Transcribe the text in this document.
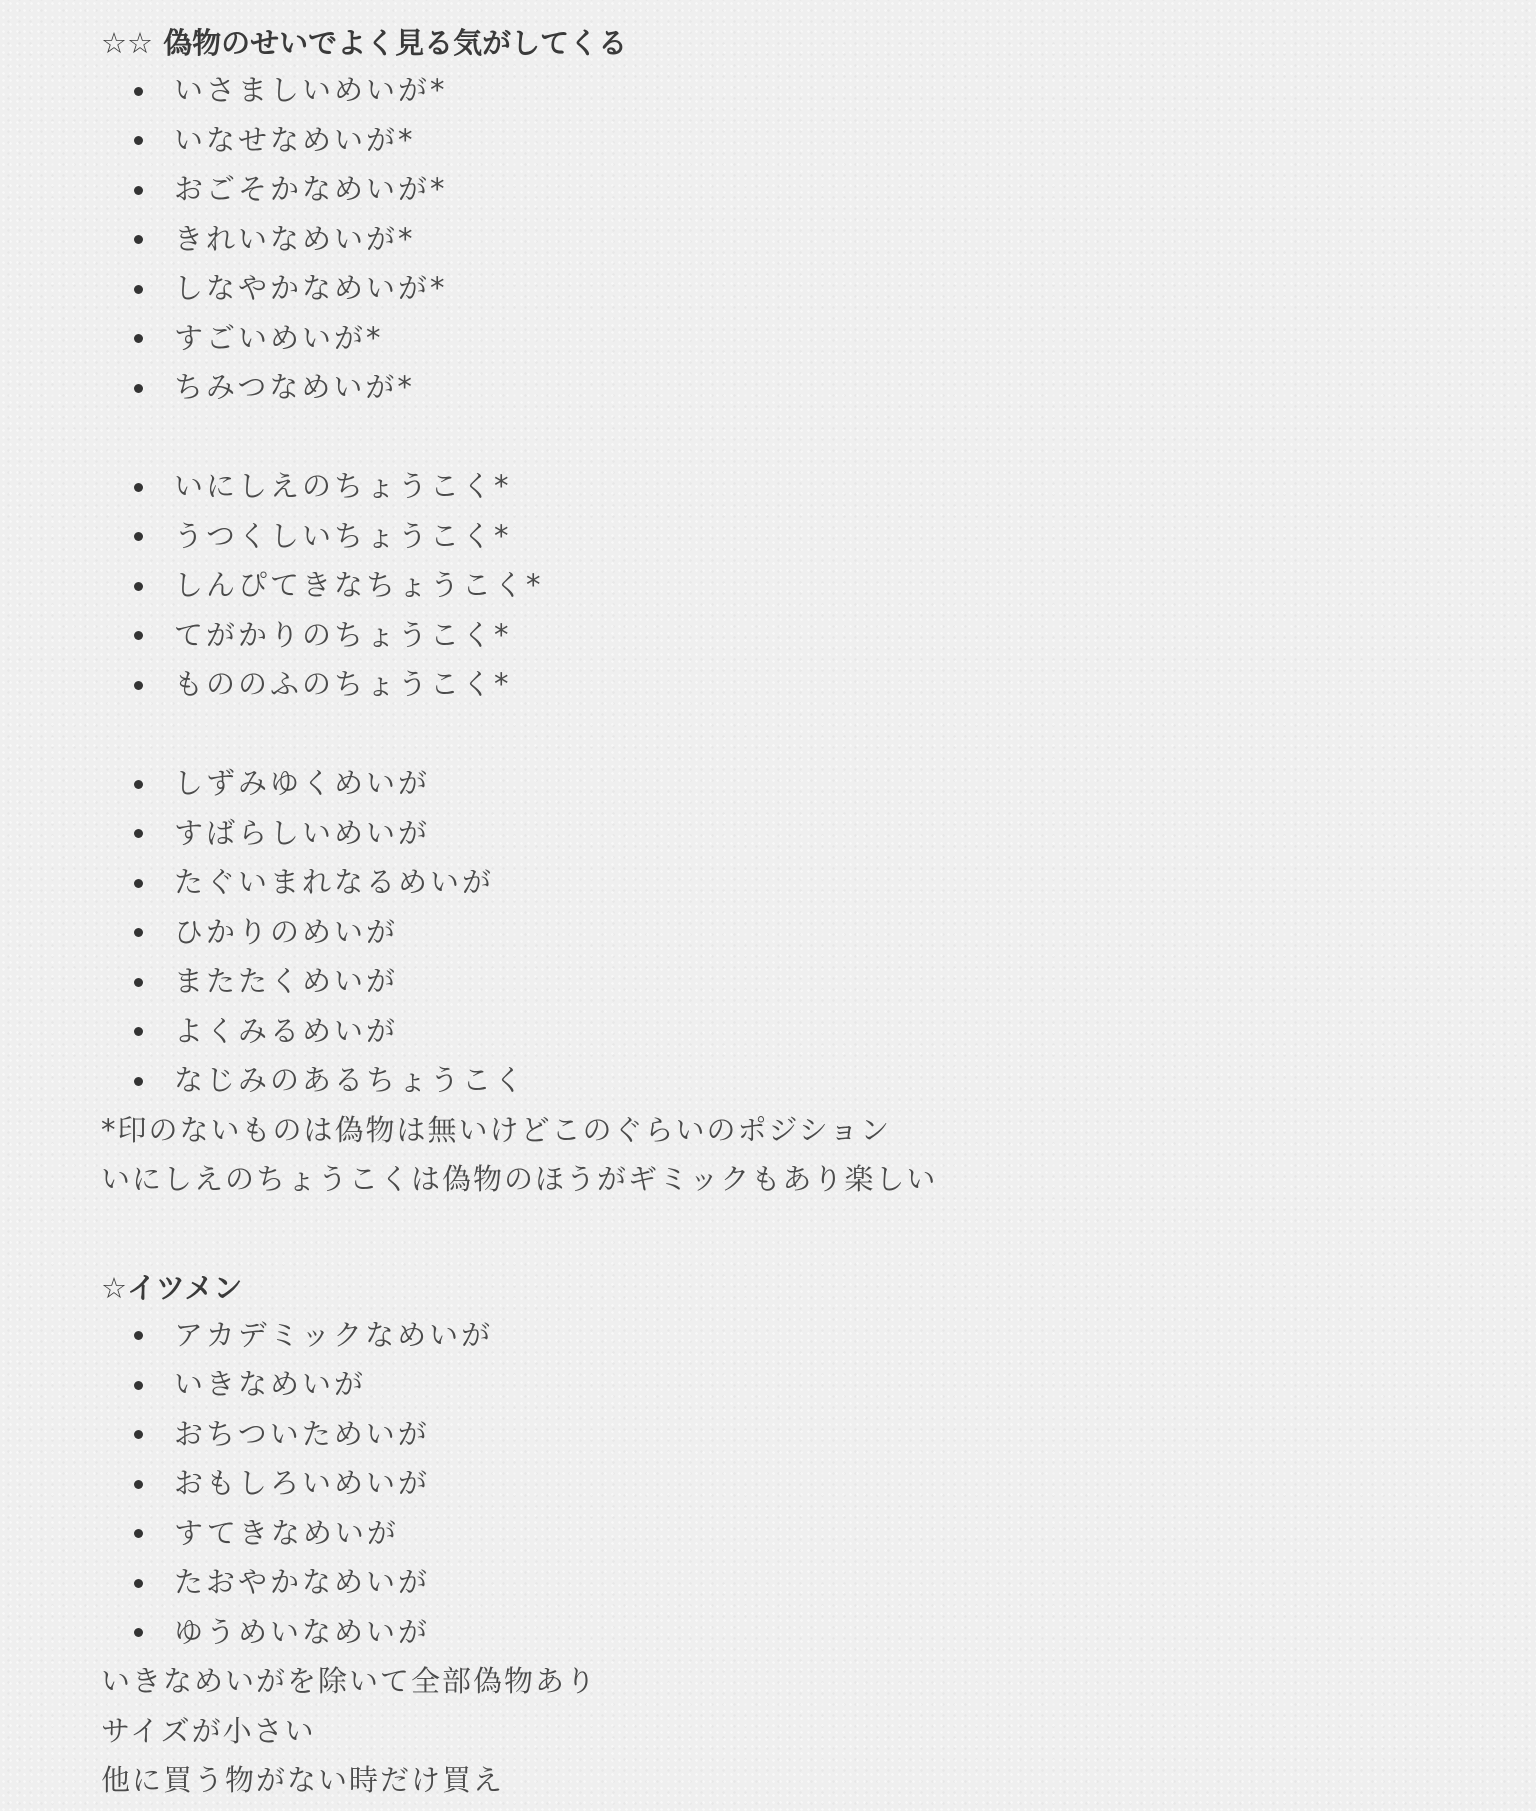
☆☆ 偽物のせいでよく見る気がしてくる
いさましいめいが*
いなせなめいが*
おごそかなめいが*
きれいなめいが*
しなやかなめいが*
すごいめいが*
ちみつなめいが*
いにしえのちょうこく*
うつくしいちょうこく*
しんぴてきなちょうこく*
てがかりのちょうこく*
もののふのちょうこく*
しずみゆくめいが
すばらしいめいが
たぐいまれなるめいが
ひかりのめいが
またたくめいが
よくみるめいが
なじみのあるちょうこく
*印のないものは偽物は無いけどこのぐらいのポジション
いにしえのちょうこくは偽物のほうがギミックもあり楽しい
☆イツメン
アカデミックなめいが
いきなめいが
おちついためいが
おもしろいめいが
すてきなめいが
たおやかなめいが
ゆうめいなめいが
いきなめいがを除いて全部偽物あり
サイズが小さい
他に買う物がない時だけ買え
